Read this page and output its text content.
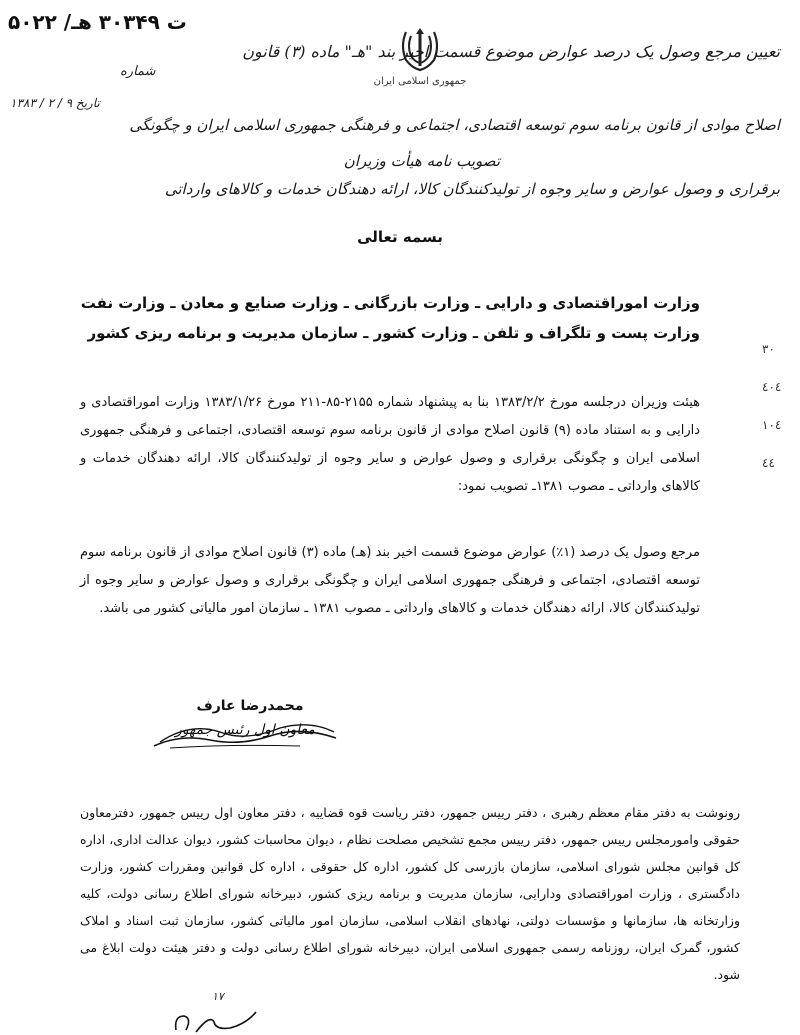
۵۰۲۲ /ت ۳۰۳۴۹ هـ
شماره
تاریخ ۹ / ۲ / ۱۳۸۳
جمهوری اسلامی ایران
تعیین مرجع وصول یک درصد عوارض موضوع قسمت اخیر بند "هـ" ماده (۳) قانون
اصلاح موادی از قانون برنامه سوم توسعه اقتصادی، اجتماعی و فرهنگی جمهوری اسلامی ایران و چگونگی
تصویب نامه هیأت وزیران
برقراری و وصول عوارض و سایر وجوه از تولیدکنندگان کالا، ارائه دهندگان خدمات و کالاهای وارداتی
بسمه تعالی
وزارت اموراقتصادی و دارایی ـ وزارت بازرگانی ـ وزارت صنایع و معادن ـ وزارت نفت
وزارت پست و تلگراف و تلفن ـ وزارت کشور ـ سازمان مدیریت و برنامه ریزی کشور
۳۰
٤۰٤
۱۰٤
٤٤

هیئت وزیران درجلسه مورخ ۱۳۸۳/۲/۲ بنا به پیشنهاد شماره ۲۱۵۵-۸۵-۲۱۱ مورخ ۱۳۸۳/۱/۲۶ وزارت اموراقتصادی و دارایی و به استناد ماده (۹) قانون اصلاح موادی از قانون برنامه سوم توسعه اقتصادی، اجتماعی و فرهنگی جمهوری اسلامی ایران و چگونگی برقراری و وصول عوارض و سایر وجوه از تولیدکنندگان کالا، ارائه دهندگان خدمات و کالاهای وارداتی ـ مصوب ۱۳۸۱ـ تصویب نمود:

مرجع وصول یک درصد (۱٪) عوارض موضوع قسمت اخیر بند (هـ) ماده (۳) قانون اصلاح موادی از قانون برنامه سوم توسعه اقتصادی، اجتماعی و فرهنگی جمهوری اسلامی ایران و چگونگی برقراری و وصول عوارض و سایر وجوه از تولیدکنندگان کالا، ارائه دهندگان خدمات و کالاهای وارداتی ـ مصوب ۱۳۸۱ ـ سازمان امور مالیاتی کشور می باشد.

محمدرضا عارف
معاون اول رئیس جمهور

رونوشت به دفتر مقام معظم رهبری ، دفتر رییس جمهور، دفتر ریاست قوه قضاییه ، دفتر معاون اول رییس جمهور، دفترمعاون حقوقی وامورمجلس رییس جمهور، دفتر رییس مجمع تشخیص مصلحت نظام ، دیوان محاسبات کشور، دیوان عدالت اداری، اداره کل قوانین مجلس شورای اسلامی، سازمان بازرسی کل کشور، اداره کل حقوقی ، اداره کل قوانین ومقررات کشور، وزارت دادگستری ، وزارت اموراقتصادی ودارایی، سازمان مدیریت و برنامه ریزی کشور، دبیرخانه شورای اطلاع رسانی دولت، کلیه وزارتخانه ها، سازمانها و مؤسسات دولتی، نهادهای انقلاب اسلامی، سازمان امور مالیاتی کشور، سازمان ثبت اسناد و املاک کشور، گمرک ایران، روزنامه رسمی جمهوری اسلامی ایران، دبیرخانه شورای اطلاع رسانی دولت و دفتر هیئت دولت ابلاغ می شود.

۱۷
